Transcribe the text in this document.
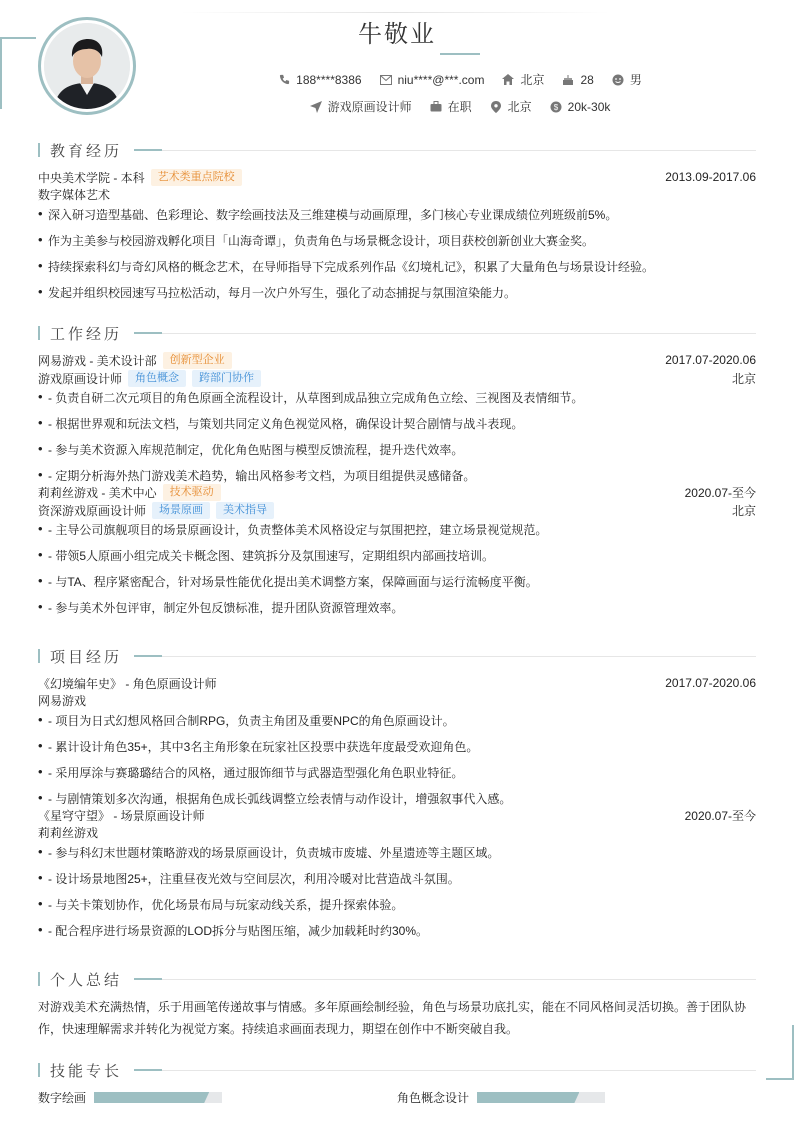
牛敬业
188****8386	niu****@***.com	北京	28	男
游戏原画设计师	在职	北京	$ 20k-30k
教育经历
中央美术学院 - 本科	艺术类重点院校	2013.09-2017.06
数字媒体艺术
• 深入研习造型基础、色彩理论、数字绘画技法及三维建模与动画原理，多门核心专业课成绩位列班级前5%。
• 作为主美参与校园游戏孵化项目「山海奇谭」，负责角色与场景概念设计，项目获校创新创业大赛金奖。
• 持续探索科幻与奇幻风格的概念艺术，在导师指导下完成系列作品《幻境札记》，积累了大量角色与场景设计经验。
• 发起并组织校园速写马拉松活动，每月一次户外写生，强化了动态捕捉与氛围渲染能力。
工作经历
网易游戏 - 美术设计部	创新型企业	2017.07-2020.06
游戏原画设计师	角色概念	跨部门协作	北京
• - 负责自研二次元项目的角色原画全流程设计，从草图到成品独立完成角色立绘、三视图及表情细节。
• - 根据世界观和玩法文档，与策划共同定义角色视觉风格，确保设计契合剧情与战斗表现。
• - 参与美术资源入库规范制定，优化角色贴图与模型反馈流程，提升迭代效率。
• - 定期分析海外热门游戏美术趋势，输出风格参考文档，为项目组提供灵感储备。
莉莉丝游戏 - 美术中心	技术驱动	2020.07-至今
资深游戏原画设计师	场景原画	美术指导	北京
• - 主导公司旗舰项目的场景原画设计，负责整体美术风格设定与氛围把控，建立场景视觉规范。
• - 带领5人原画小组完成关卡概念图、建筑拆分及氛围速写，定期组织内部画技培训。
• - 与TA、程序紧密配合，针对场景性能优化提出美术调整方案，保障画面与运行流畅度平衡。
• - 参与美术外包评审，制定外包反馈标准，提升团队资源管理效率。
项目经历
《幻境编年史》 - 角色原画设计师	2017.07-2020.06
网易游戏
• - 项目为日式幻想风格回合制RPG，负责主角团及重要NPC的角色原画设计。
• - 累计设计角色35+，其中3名主角形象在玩家社区投票中获选年度最受欢迎角色。
• - 采用厚涂与赛璐璐结合的风格，通过服饰细节与武器造型强化角色职业特征。
• - 与剧情策划多次沟通，根据角色成长弧线调整立绘表情与动作设计，增强叙事代入感。
《星穹守望》 - 场景原画设计师	2020.07-至今
莉莉丝游戏
• - 参与科幻末世题材策略游戏的场景原画设计，负责城市废墟、外星遗迹等主题区域。
• - 设计场景地图25+，注重昼夜光效与空间层次，利用冷暖对比营造战斗氛围。
• - 与关卡策划协作，优化场景布局与玩家动线关系，提升探索体验。
• - 配合程序进行场景资源的LOD拆分与贴图压缩，减少加载耗时约30%。
个人总结
对游戏美术充满热情，乐于用画笔传递故事与情感。多年原画绘制经验，角色与场景功底扎实，能在不同风格间灵活切换。善于团队协作，快速理解需求并转化为视觉方案。持续追求画面表现力，期望在创作中不断突破自我。
技能专长
数字绘画	角色概念设计
